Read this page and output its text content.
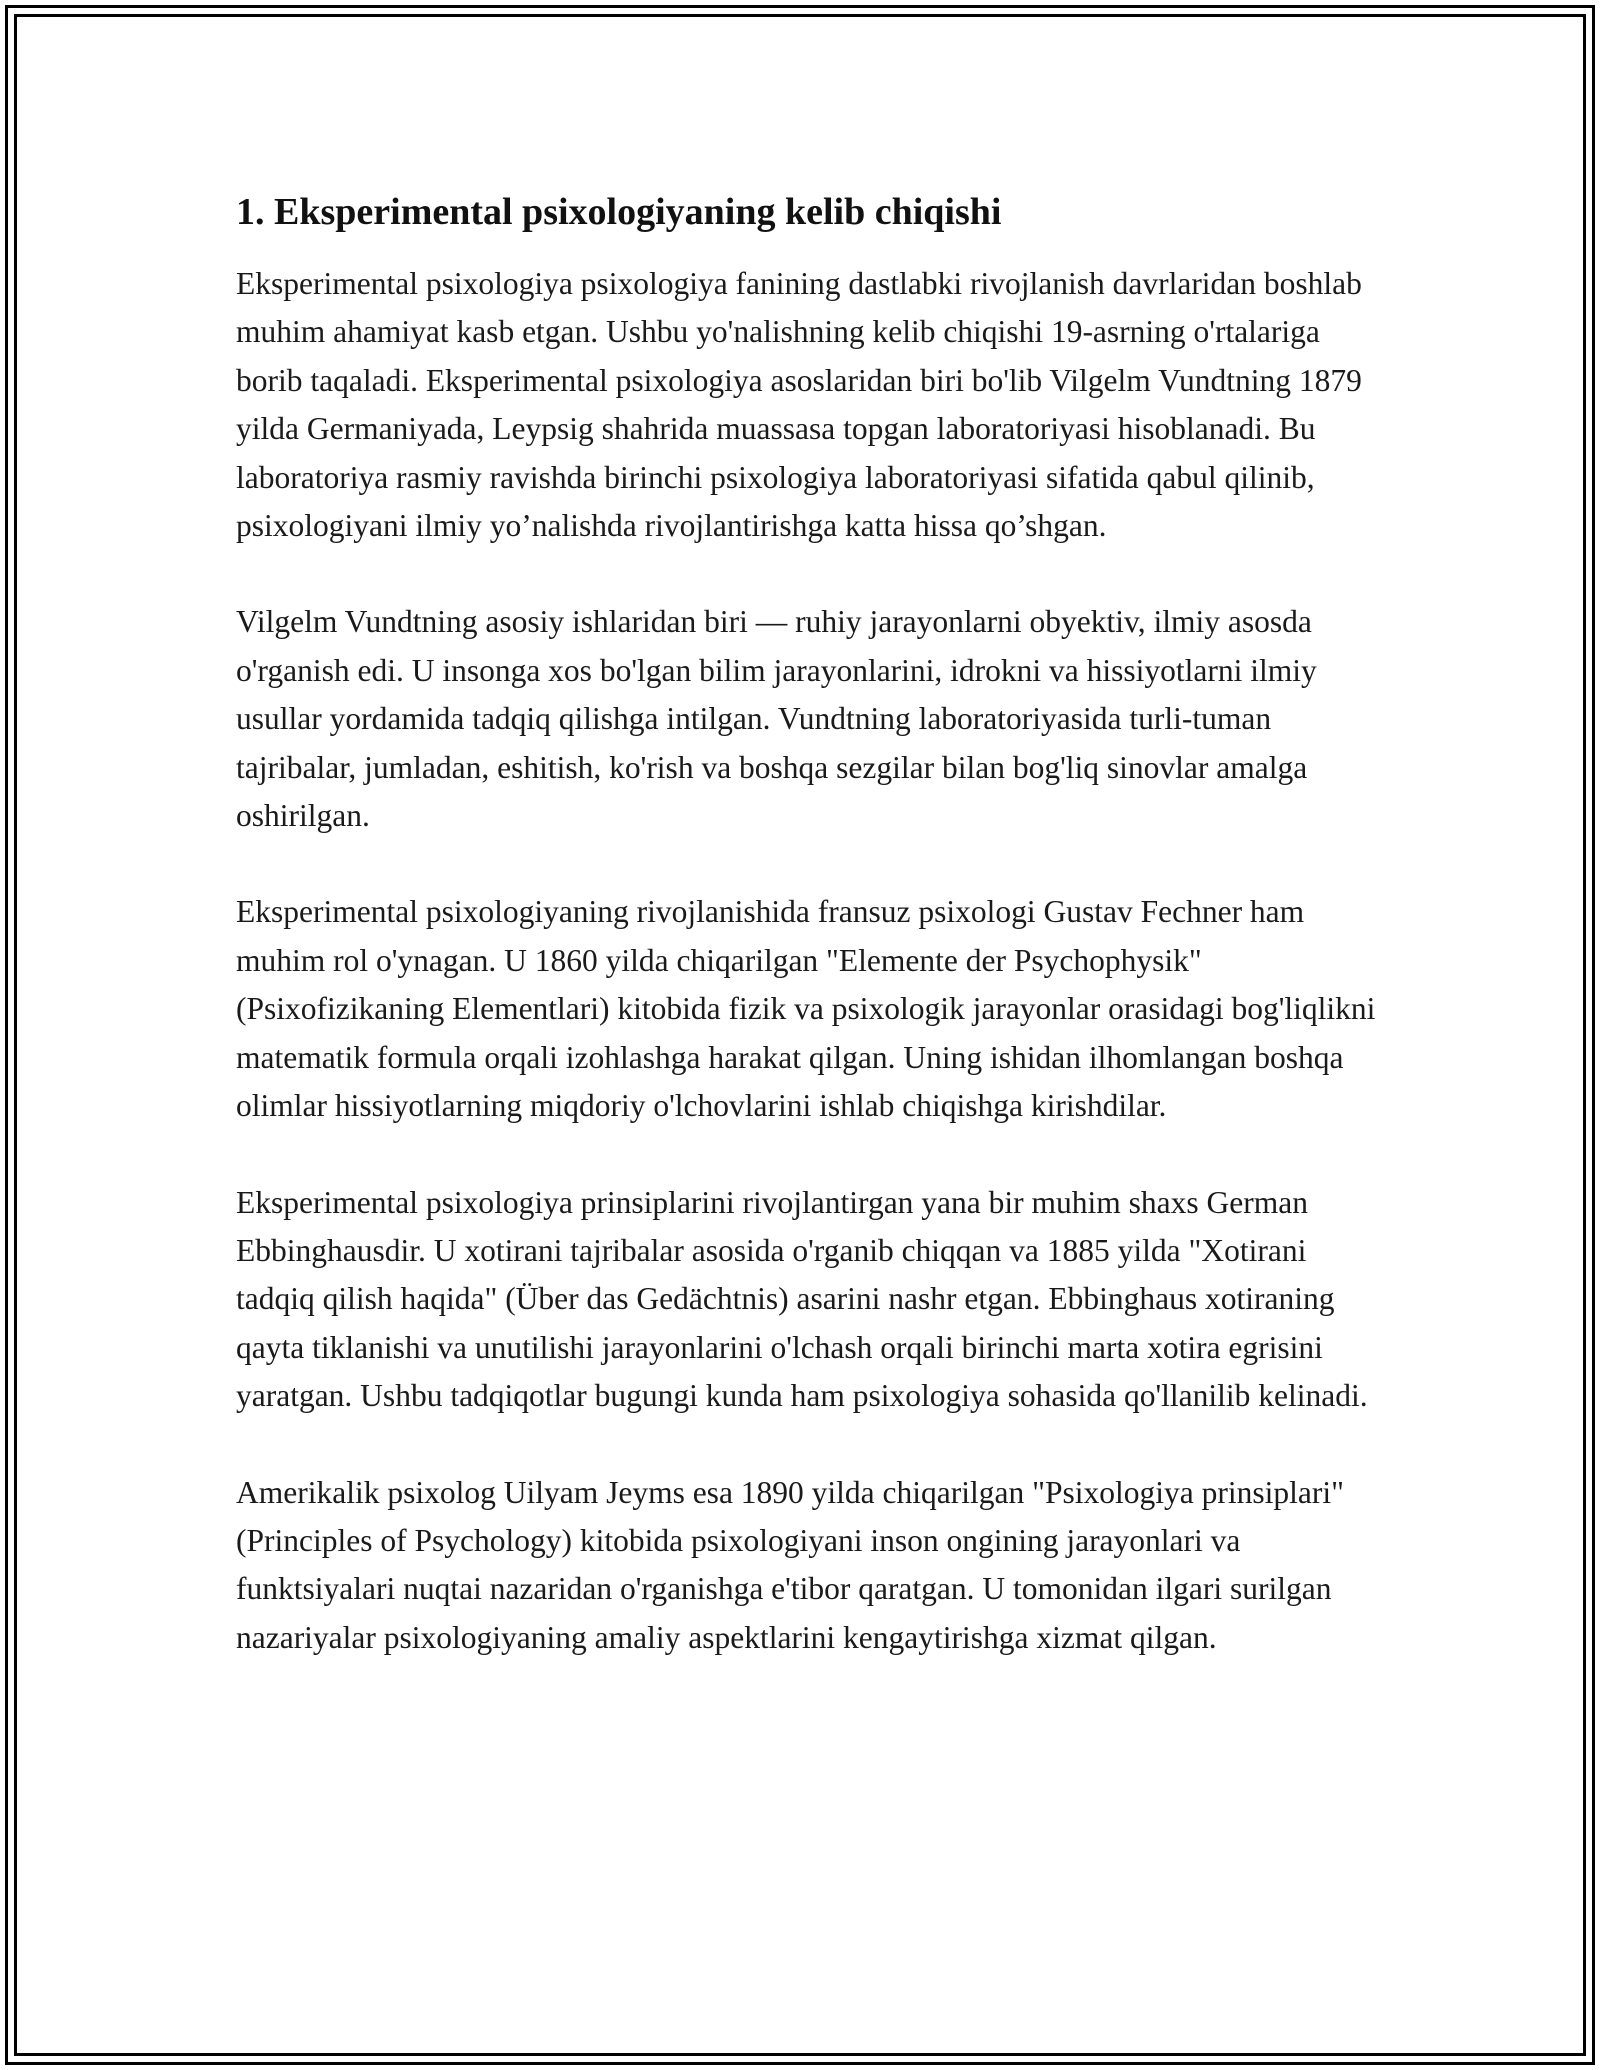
1. Eksperimental psixologiyaning kelib chiqishi

Eksperimental psixologiya psixologiya fanining dastlabki rivojlanish davrlaridan boshlab muhim ahamiyat kasb etgan. Ushbu yo'nalishning kelib chiqishi 19-asrning o'rtalariga borib taqaladi. Eksperimental psixologiya asoslaridan biri bo'lib Vilgelm Vundtning 1879 yilda Germaniyada, Leypsig shahrida muassasa topgan laboratoriyasi hisoblanadi. Bu laboratoriya rasmiy ravishda birinchi psixologiya laboratoriyasi sifatida qabul qilinib, psixologiyani ilmiy yo’nalishda rivojlantirishga katta hissa qo’shgan.

Vilgelm Vundtning asosiy ishlaridan biri — ruhiy jarayonlarni obyektiv, ilmiy asosda o'rganish edi. U insonga xos bo'lgan bilim jarayonlarini, idrokni va hissiyotlarni ilmiy usullar yordamida tadqiq qilishga intilgan. Vundtning laboratoriyasida turli-tuman tajribalar, jumladan, eshitish, ko'rish va boshqa sezgilar bilan bog'liq sinovlar amalga oshirilgan.

Eksperimental psixologiyaning rivojlanishida fransuz psixologi Gustav Fechner ham muhim rol o'ynagan. U 1860 yilda chiqarilgan "Elemente der Psychophysik" (Psixofizikaning Elementlari) kitobida fizik va psixologik jarayonlar orasidagi bog'liqlikni matematik formula orqali izohlashga harakat qilgan. Uning ishidan ilhomlangan boshqa olimlar hissiyotlarning miqdoriy o'lchovlarini ishlab chiqishga kirishdilar.

Eksperimental psixologiya prinsiplarini rivojlantirgan yana bir muhim shaxs German Ebbinghausdir. U xotirani tajribalar asosida o'rganib chiqqan va 1885 yilda "Xotirani tadqiq qilish haqida" (Über das Gedächtnis) asarini nashr etgan. Ebbinghaus xotiraning qayta tiklanishi va unutilishi jarayonlarini o'lchash orqali birinchi marta xotira egrisini yaratgan. Ushbu tadqiqotlar bugungi kunda ham psixologiya sohasida qo'llanilib kelinadi.

Amerikalik psixolog Uilyam Jeyms esa 1890 yilda chiqarilgan "Psixologiya prinsiplari" (Principles of Psychology) kitobida psixologiyani inson ongining jarayonlari va funktsiyalari nuqtai nazaridan o'rganishga e'tibor qaratgan. U tomonidan ilgari surilgan nazariyalar psixologiyaning amaliy aspektlarini kengaytirishga xizmat qilgan.
